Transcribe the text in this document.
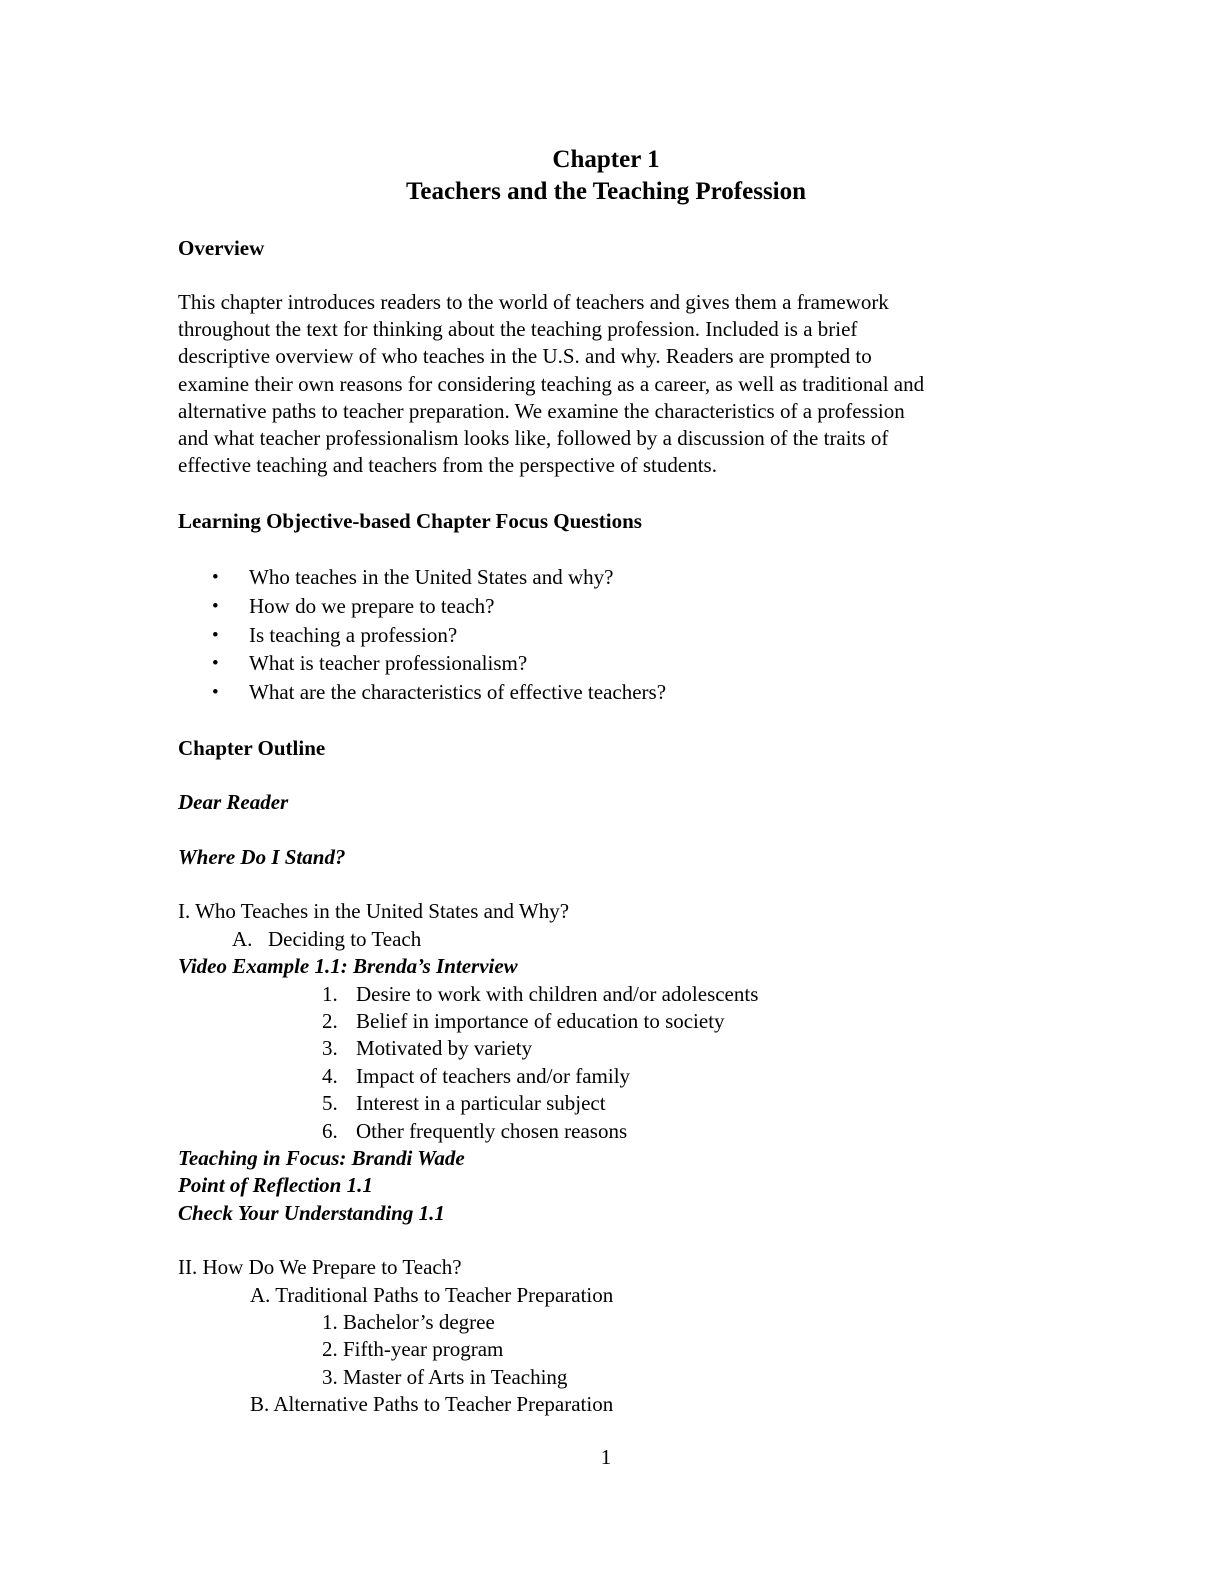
Chapter 1
Teachers and the Teaching Profession
Overview
This chapter introduces readers to the world of teachers and gives them a framework
throughout the text for thinking about the teaching profession. Included is a brief
descriptive overview of who teaches in the U.S. and why. Readers are prompted to
examine their own reasons for considering teaching as a career, as well as traditional and
alternative paths to teacher preparation. We examine the characteristics of a profession
and what teacher professionalism looks like, followed by a discussion of the traits of
effective teaching and teachers from the perspective of students.
Learning Objective-based Chapter Focus Questions
• Who teaches in the United States and why?
• How do we prepare to teach?
• Is teaching a profession?
• What is teacher professionalism?
• What are the characteristics of effective teachers?
Chapter Outline
Dear Reader
Where Do I Stand?
I. Who Teaches in the United States and Why?
A. Deciding to Teach
Video Example 1.1: Brenda’s Interview
1. Desire to work with children and/or adolescents
2. Belief in importance of education to society
3. Motivated by variety
4. Impact of teachers and/or family
5. Interest in a particular subject
6. Other frequently chosen reasons
Teaching in Focus: Brandi Wade
Point of Reflection 1.1
Check Your Understanding 1.1
II. How Do We Prepare to Teach?
A. Traditional Paths to Teacher Preparation
1. Bachelor’s degree
2. Fifth-year program
3. Master of Arts in Teaching
B. Alternative Paths to Teacher Preparation
1
